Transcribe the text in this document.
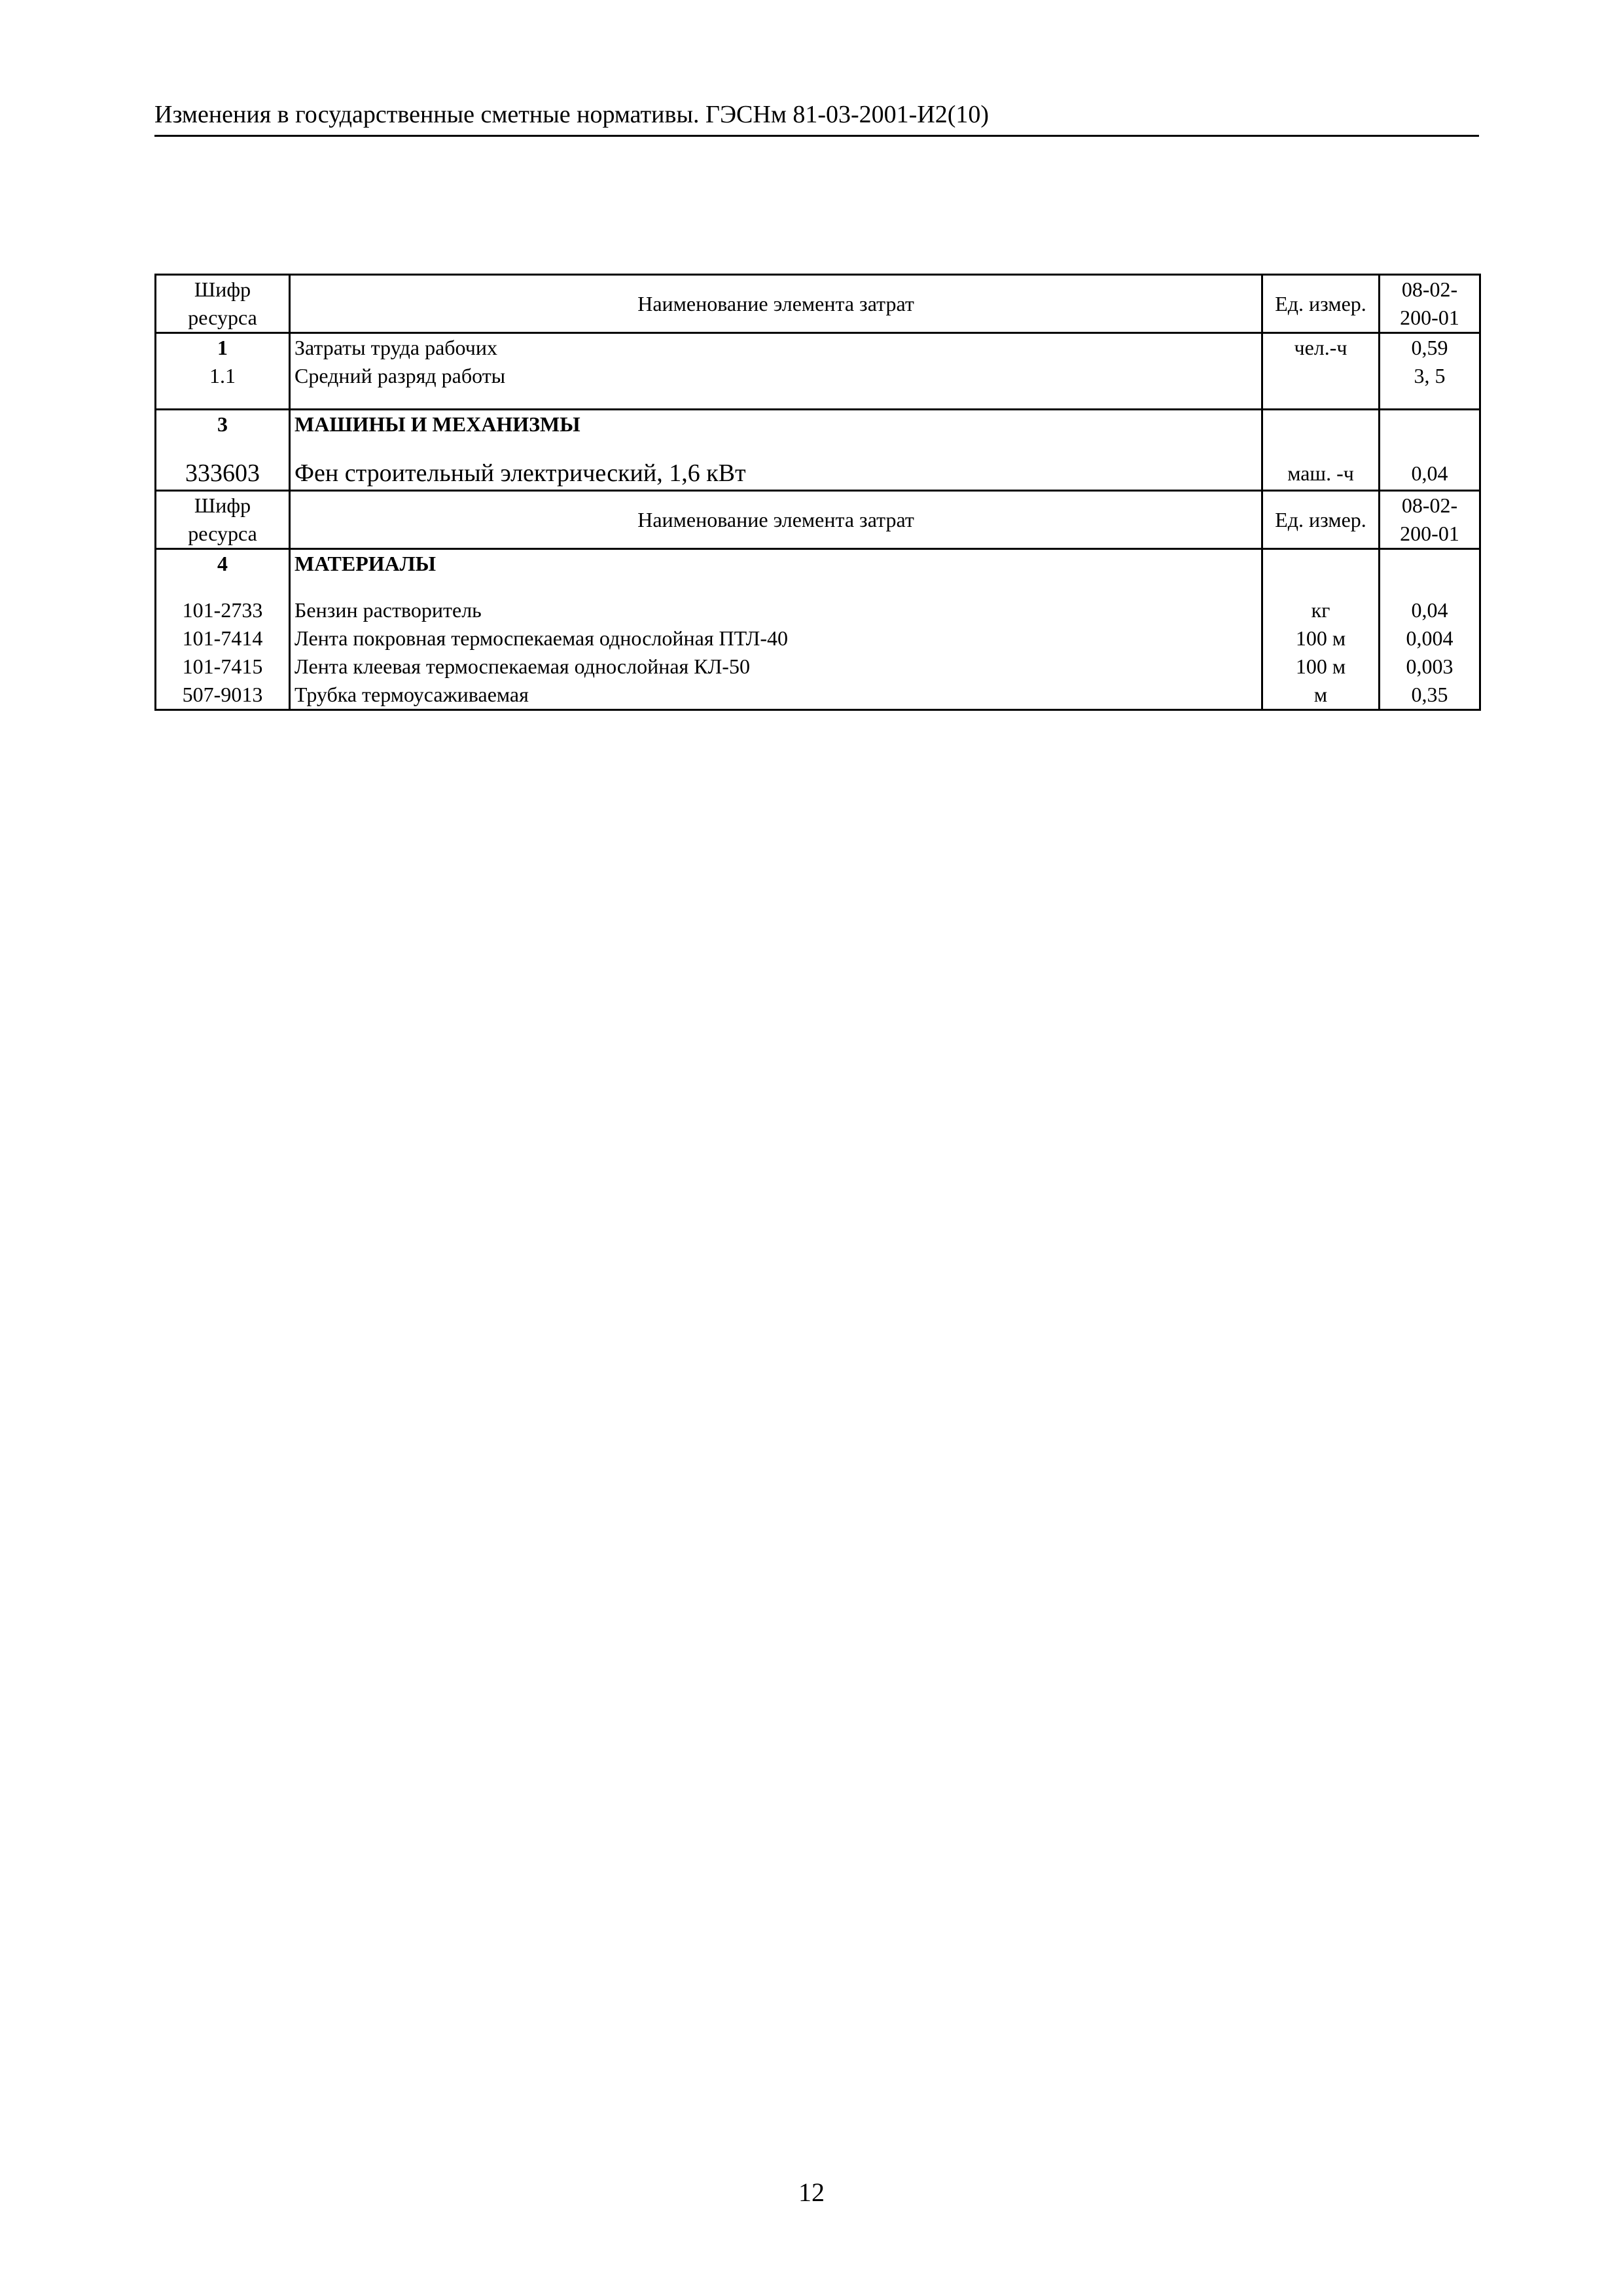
Изменения в государственные сметные нормативы. ГЭСНм 81-03-2001-И2(10)
Шифр ресурса	Наименование элемента затрат	Ед. измер.	08-02-
200-01
1	Затраты труда рабочих	чел.-ч	0,59
1.1	Средний разряд работы		3, 5

3	МАШИНЫ И МЕХАНИЗМЫ		

333603	Фен строительный электрический, 1,6 кВт	маш. -ч	0,04
Шифр ресурса	Наименование элемента затрат	Ед. измер.	08-02-
200-01
4	МАТЕРИАЛЫ		

101-2733	Бензин растворитель	кг	0,04
101-7414	Лента покровная термоспекаемая однослойная ПТЛ-40	100 м	0,004
101-7415	Лента клеевая термоспекаемая однослойная КЛ-50	100 м	0,003
507-9013	Трубка термоусаживаемая	м	0,35
12
